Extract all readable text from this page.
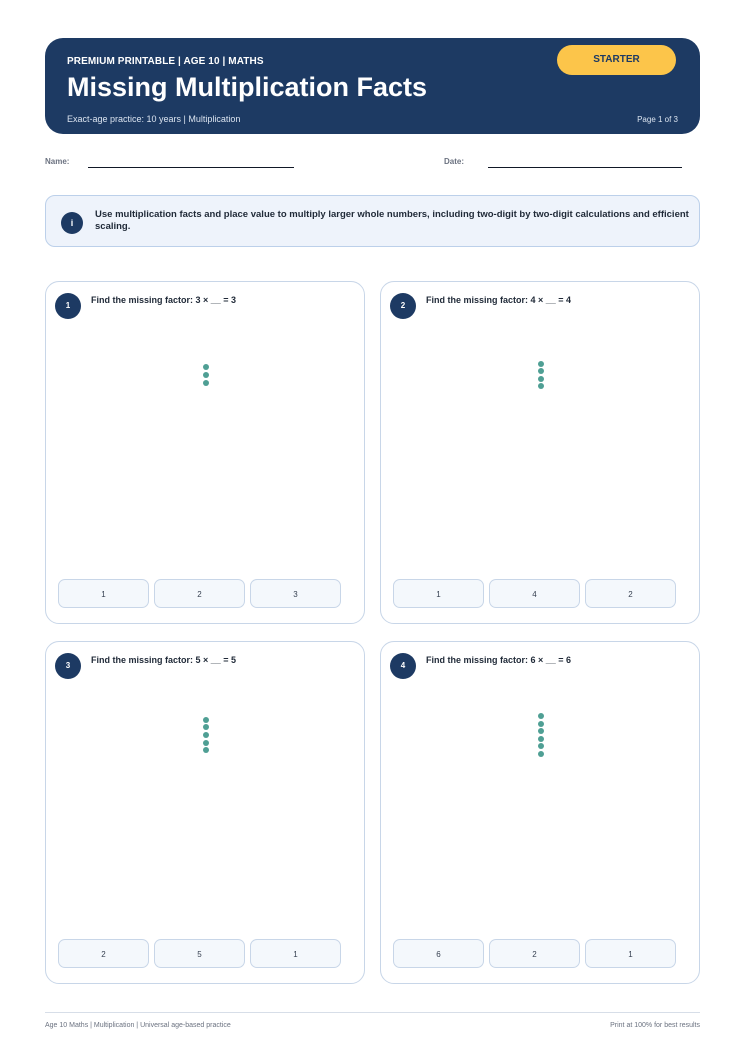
PREMIUM PRINTABLE | AGE 10 | MATHS
Missing Multiplication Facts
Exact-age practice: 10 years | Multiplication	Page 1 of 3
STARTER
Name:	Date:
i
Use multiplication facts and place value to multiply larger whole numbers, including two-digit by two-digit calculations and efficient scaling.
1
Find the missing factor: 3 × __ = 3
1	2	3
2
Find the missing factor: 4 × __ = 4
1	4	2
3
Find the missing factor: 5 × __ = 5
2	5	1
4
Find the missing factor: 6 × __ = 6
6	2	1
Age 10 Maths | Multiplication | Universal age-based practice	Print at 100% for best results
